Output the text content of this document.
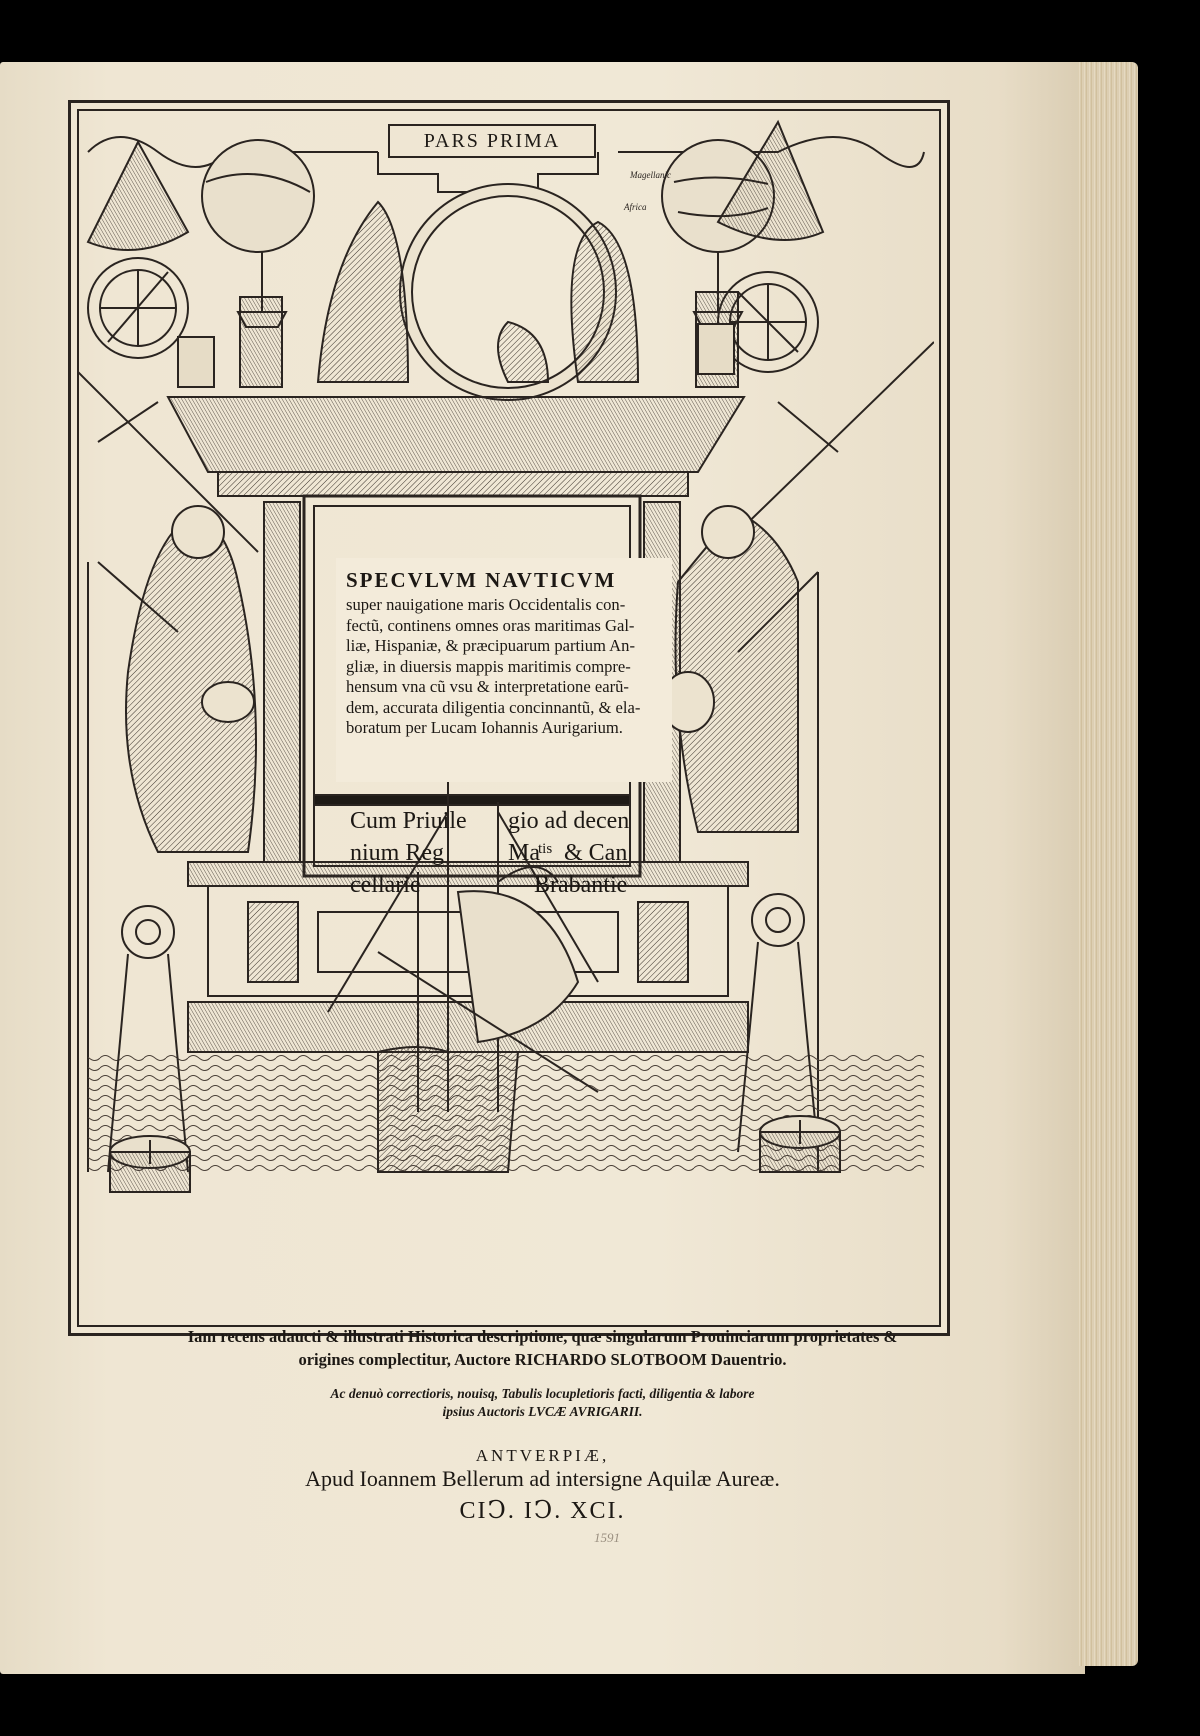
Magellanic
Africa
PARS PRIMA
SPECVLVM NAVTICVM
super nauigatione maris Occidentalis con-
fectũ, continens omnes oras maritimas Gal-
liæ, Hispaniæ, & præcipuarum partium An-
gliæ, in diuersis mappis maritimis compre-
hensum vna cũ vsu & interpretatione earũ-
dem, accurata diligentia concinnantũ, & ela-
boratum per Lucam Iohannis Aurigarium.
Cum Priuile gio ad decen
nium Reg	Ma
tis & Can
cellarie	Brabantie
Iam recens adaucti & illustrati Historica descriptione, quæ singularum Prouinciarum proprietates &
origines complectitur, Auctore RICHARDO SLOTBOOM Dauentrio.
Ac denuò correctioris, nouisq, Tabulis locupletioris facti, diligentia & labore
ipsius Auctoris LVCÆ AVRIGARII.
ANTVERPIÆ,
Apud Ioannem Bellerum ad intersigne Aquilæ Aureæ.
CIↃ. IↃ. XCI.
1591
